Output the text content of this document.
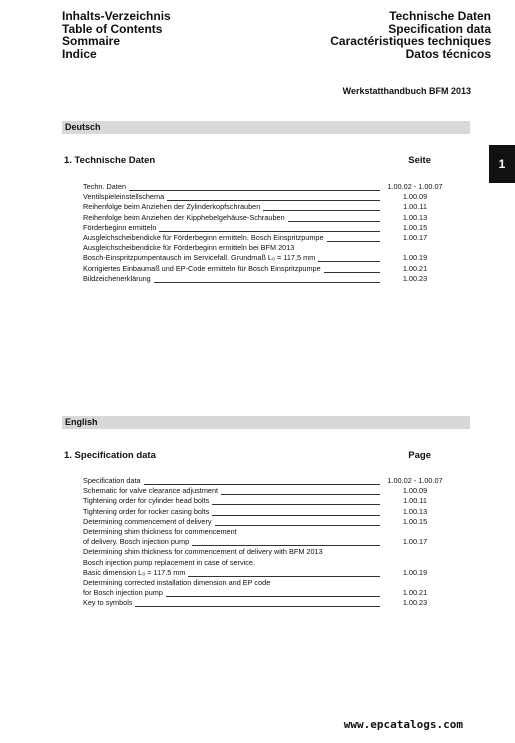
Inhalts-Verzeichnis
Table of Contents
Sommaire
Indice
Technische Daten
Specification data
Caractéristiques techniques
Datos técnicos
Werkstatthandbuch BFM 2013
1
Deutsch
1. Technische Daten	Seite
Techn. Daten	1.00.02 - 1.00.07
Ventilspieleinstellschema	1.00.09
Reihenfolge beim Anziehen der Zylinderkopfschrauben	1.00.11
Reihenfolge beim Anziehen der Kipphebelgehäuse-Schrauben	1.00.13
Förderbeginn ermitteln	1.00.15
Ausgleichscheibendicke für Förderbeginn ermitteln. Bosch Einspritzpumpe	1.00.17
Ausgleichscheibendicke für Förderbeginn ermitteln bei BFM 2013
Bosch-Einspritzpumpentausch im Servicefall. Grundmaß L₀ = 117,5 mm	1.00.19
Korrigiertes Einbaumaß und EP-Code ermitteln für Bosch Einspritzpumpe	1.00.21
Bildzeichenerklärung	1.00.23
English
1. Specification data	Page
Specification data	1.00.02 - 1.00.07
Schematic for valve clearance adjustment	1.00.09
Tightening order for cylinder head bolts	1.00.11
Tightening order for rocker casing bolts	1.00.13
Determining commencement of delivery	1.00.15
Determining shim thickness for commencement
of delivery. Bosch injection pump	1.00.17
Determining shim thickness for commencement of delivery with BFM 2013
Bosch injection pump replacement in case of service.
Basic dimension L₀ = 117.5 mm	1.00.19
Determining corrected installation dimension and EP code
for Bosch injection pump	1.00.21
Key to symbols	1.00.23
www.epcatalogs.com
